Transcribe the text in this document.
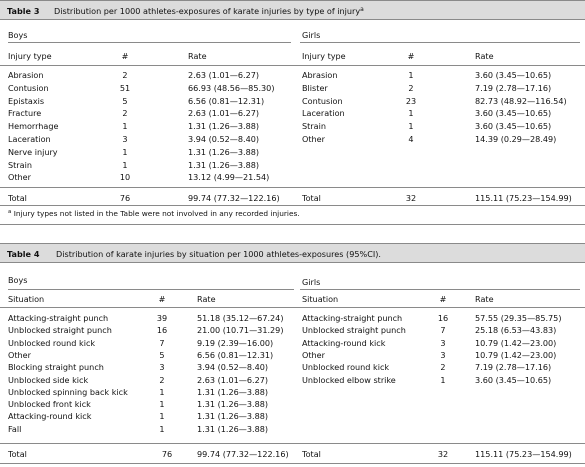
Table 3 Distribution per 1000 athletes-exposures of karate injuries by type of injury$^a$
Boys	Girls
Injury type	#	Rate	Injury type	#	Rate
Abrasion	2	2.63 (1.01—6.27)
Contusion	51	66.93 (48.56—85.30)
Epistaxis	5	6.56 (0.81—12.31)
Fracture	2	2.63 (1.01—6.27)
Hemorrhage	1	1.31 (1.26—3.88)
Laceration	3	3.94 (0.52—8.40)
Nerve injury	1	1.31 (1.26—3.88)
Strain	1	1.31 (1.26—3.88)
Other	10	13.12 (4.99—21.54)
Abrasion	1	3.60 (3.45—10.65)
Blister	2	7.19 (2.78—17.16)
Contusion	23	82.73 (48.92—116.54)
Laceration	1	3.60 (3.45—10.65)
Strain	1	3.60 (3.45—10.65)
Other	4	14.39 (0.29—28.49)
Total	76	99.74 (77.32—122.16)	Total	32	115.11 (75.23—154.99)
$^a$ Injury types not listed in the Table were not involved in any recorded injuries.
Table 4 Distribution of karate injuries by situation per 1000 athletes-exposures (95%CI).
Boys	Girls
Situation	#	Rate	Situation	#	Rate
Attacking-straight punch	39	51.18 (35.12—67.24)
Unblocked straight punch	16	21.00 (10.71—31.29)
Unblocked round kick	7	9.19 (2.39—16.00)
Other	5	6.56 (0.81—12.31)
Blocking straight punch	3	3.94 (0.52—8.40)
Unblocked side kick	2	2.63 (1.01—6.27)
Unblocked spinning back kick	1	1.31 (1.26—3.88)
Unblocked front kick	1	1.31 (1.26—3.88)
Attacking-round kick	1	1.31 (1.26—3.88)
Fall	1	1.31 (1.26—3.88)
Attacking-straight punch	16	57.55 (29.35—85.75)
Unblocked straight punch	7	25.18 (6.53—43.83)
Attacking-round kick	3	10.79 (1.42—23.00)
Other	3	10.79 (1.42—23.00)
Unblocked round kick	2	7.19 (2.78—17.16)
Unblocked elbow strike	1	3.60 (3.45—10.65)
Total	76	99.74 (77.32—122.16) Total	32	115.11 (75.23—154.99)
